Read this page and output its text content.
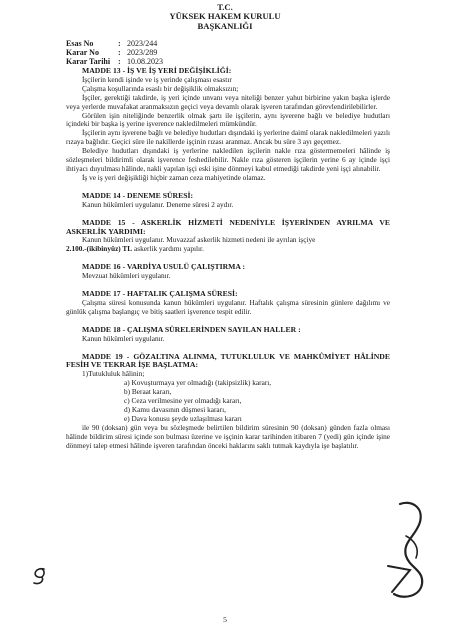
T.C.
YÜKSEK HAKEM KURULU
BAŞKANLIĞI
Esas No	: 2023/244
Karar No	: 2023/289
Karar Tarihi : 10.08.2023

MADDE 13 - İŞ VE İŞ YERİ DEĞİŞİKLİĞİ:

İşçilerin kendi işinde ve iş yerinde çalışması esastır

Çalışma koşullarında esaslı bir değişiklik olmaksızın;

İşçiler, gerektiği takdirde, iş yeri içinde unvanı veya niteliği benzer yahut birbirine yakın başka işlerde veya yerlerde muvafakat aranmaksızın geçici veya devamlı olarak işveren tarafından görevlendirilebilirler.

Görülen işin niteliğinde benzerlik olmak şartı ile işçilerin, aynı işverene bağlı ve belediye hudutları içindeki bir başka iş yerine işverence nakledilmeleri mümkündür.

İşçilerin aynı işverene bağlı ve belediye hudutları dışındaki iş yerlerine daimî olarak nakledilmeleri yazılı rızaya bağlıdır. Geçici süre ile nakillerde işçinin rızası aranmaz. Ancak bu süre 3 ayı geçemez.

Belediye hudutları dışındaki iş yerlerine nakledilen işçilerin nakle rıza göstermemeleri hâlinde iş sözleşmeleri bildirimli olarak işverence feshedilebilir. Nakle rıza gösteren işçilerin yerine 6 ay içinde işçi ihtiyacı duyulması hâlinde, nakli yapılan işçi eski işine dönmeyi kabul etmediği takdirde yeni işçi alınabilir.

İş ve iş yeri değişikliği hiçbir zaman ceza mahiyetinde olamaz.

MADDE 14 - DENEME SÜRESİ:

Kanun hükümleri uygulanır. Deneme süresi 2 aydır.

MADDE 15 - ASKERLİK HİZMETİ NEDENİYLE İŞYERİNDEN AYRILMA VE ASKERLİK YARDIMI:

Kanun hükümleri uygulanır. Muvazzaf askerlik hizmeti nedeni ile ayrılan işçiye
2.100.-(ikibinyüz) TL askerlik yardımı yapılır.

MADDE 16 - VARDİYA USULÜ ÇALIŞTIRMA :

Mevzuat hükümleri uygulanır.

MADDE 17 - HAFTALIK ÇALIŞMA SÜRESİ:

Çalışma süresi konusunda kanun hükümleri uygulanır. Haftalık çalışma süresinin günlere dağılımı ve günlük çalışma başlangıç ve bitiş saatleri işverence tespit edilir.

MADDE 18 - ÇALIŞMA SÜRELERİNDEN SAYILAN HALLER :

Kanun hükümleri uygulanır.

MADDE 19 - GÖZALTINA ALINMA, TUTUKLULUK VE MAHKÛMİYET HÂLİNDE FESİH VE TEKRAR İŞE BAŞLATMA:

1)Tutukluluk hâlinin;

a) Kovuşturmaya yer olmadığı (takipsizlik) kararı,

b) Beraat kararı,

c) Ceza verilmesine yer olmadığı kararı,

d) Kamu davasının düşmesi kararı,

e) Dava konusu şeyde uzlaşılması kararı

ile 90 (doksan) gün veya bu sözleşmede belirtilen bildirim süresinin 90 (doksan) günden fazla olması hâlinde bildirim süresi içinde son bulması üzerine ve işçinin karar tarihinden itibaren 7 (yedi) gün içinde işine dönmeyi talep etmesi hâlinde işveren tarafından önceki haklarını saklı tutmak kaydıyla işe başlatılır.

5
